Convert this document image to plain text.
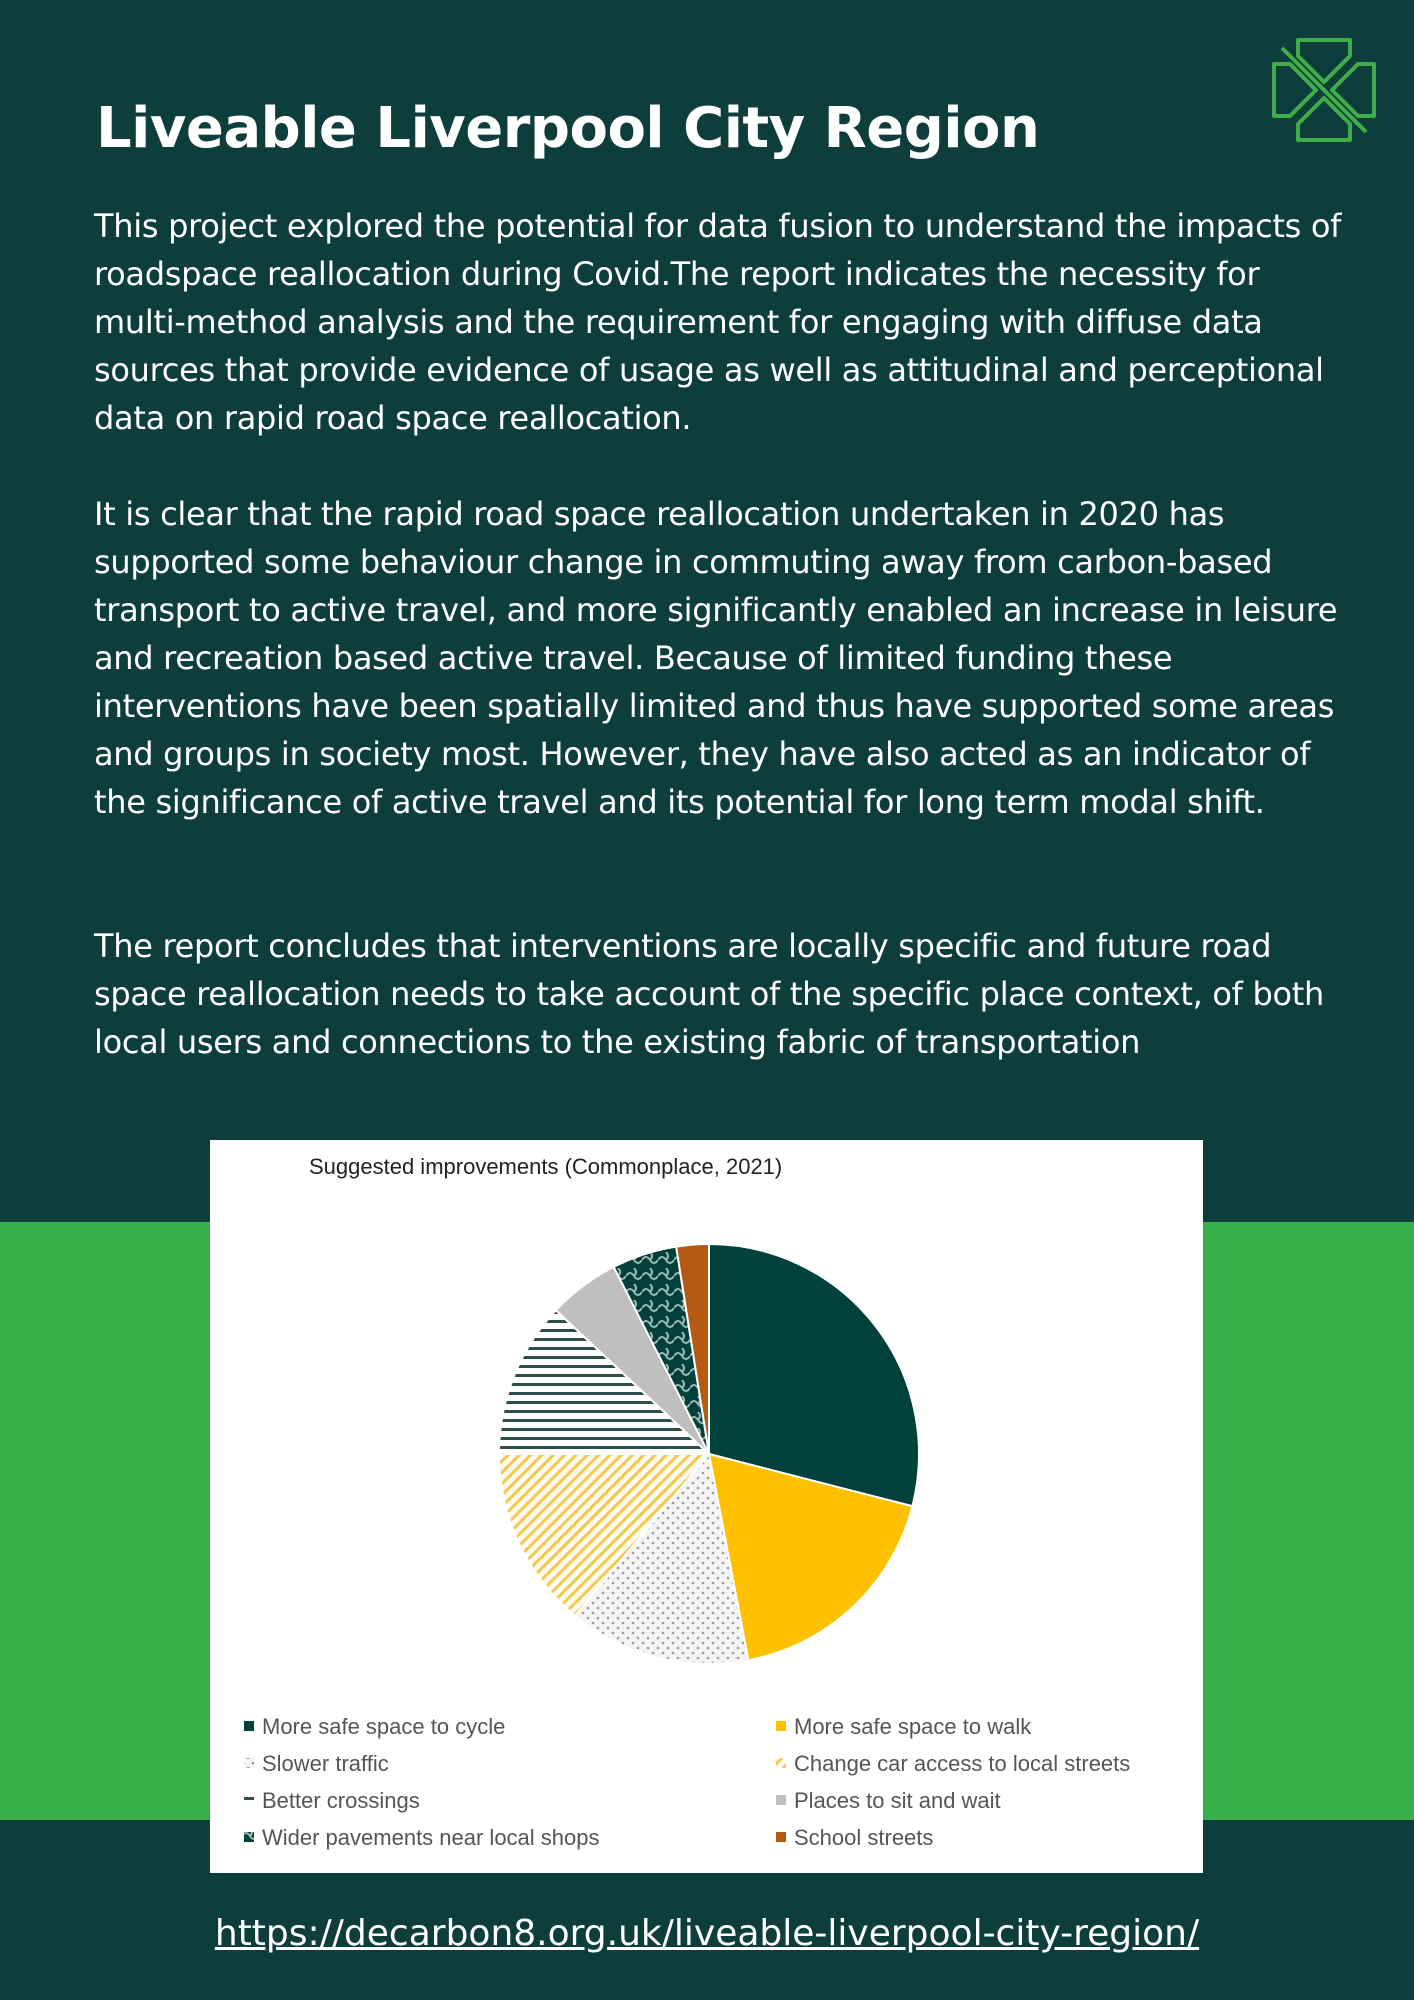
Liveable Liverpool City Region

This project explored the potential for data fusion to understand the impacts of roadspace reallocation during Covid.The report indicates the necessity for multi-method analysis and the requirement for engaging with diffuse data sources that provide evidence of usage as well as attitudinal and perceptional data on rapid road space reallocation.

It is clear that the rapid road space reallocation undertaken in 2020 has supported some behaviour change in commuting away from carbon-based transport to active travel, and more significantly enabled an increase in leisure and recreation based active travel. Because of limited funding these interventions have been spatially limited and thus have supported some areas and groups in society most. However, they have also acted as an indicator of the significance of active travel and its potential for long term modal shift.

The report concludes that interventions are locally specific and future road space reallocation needs to take account of the specific place context, of both local users and connections to the existing fabric of transportation

Suggested improvements (Commonplace, 2021)
More safe space to cycle	More safe space to walk
Slower traffic	Change car access to local streets
Better crossings	Places to sit and wait
Wider pavements near local shops	School streets
https://decarbon8.org.uk/liveable-liverpool-city-region/
